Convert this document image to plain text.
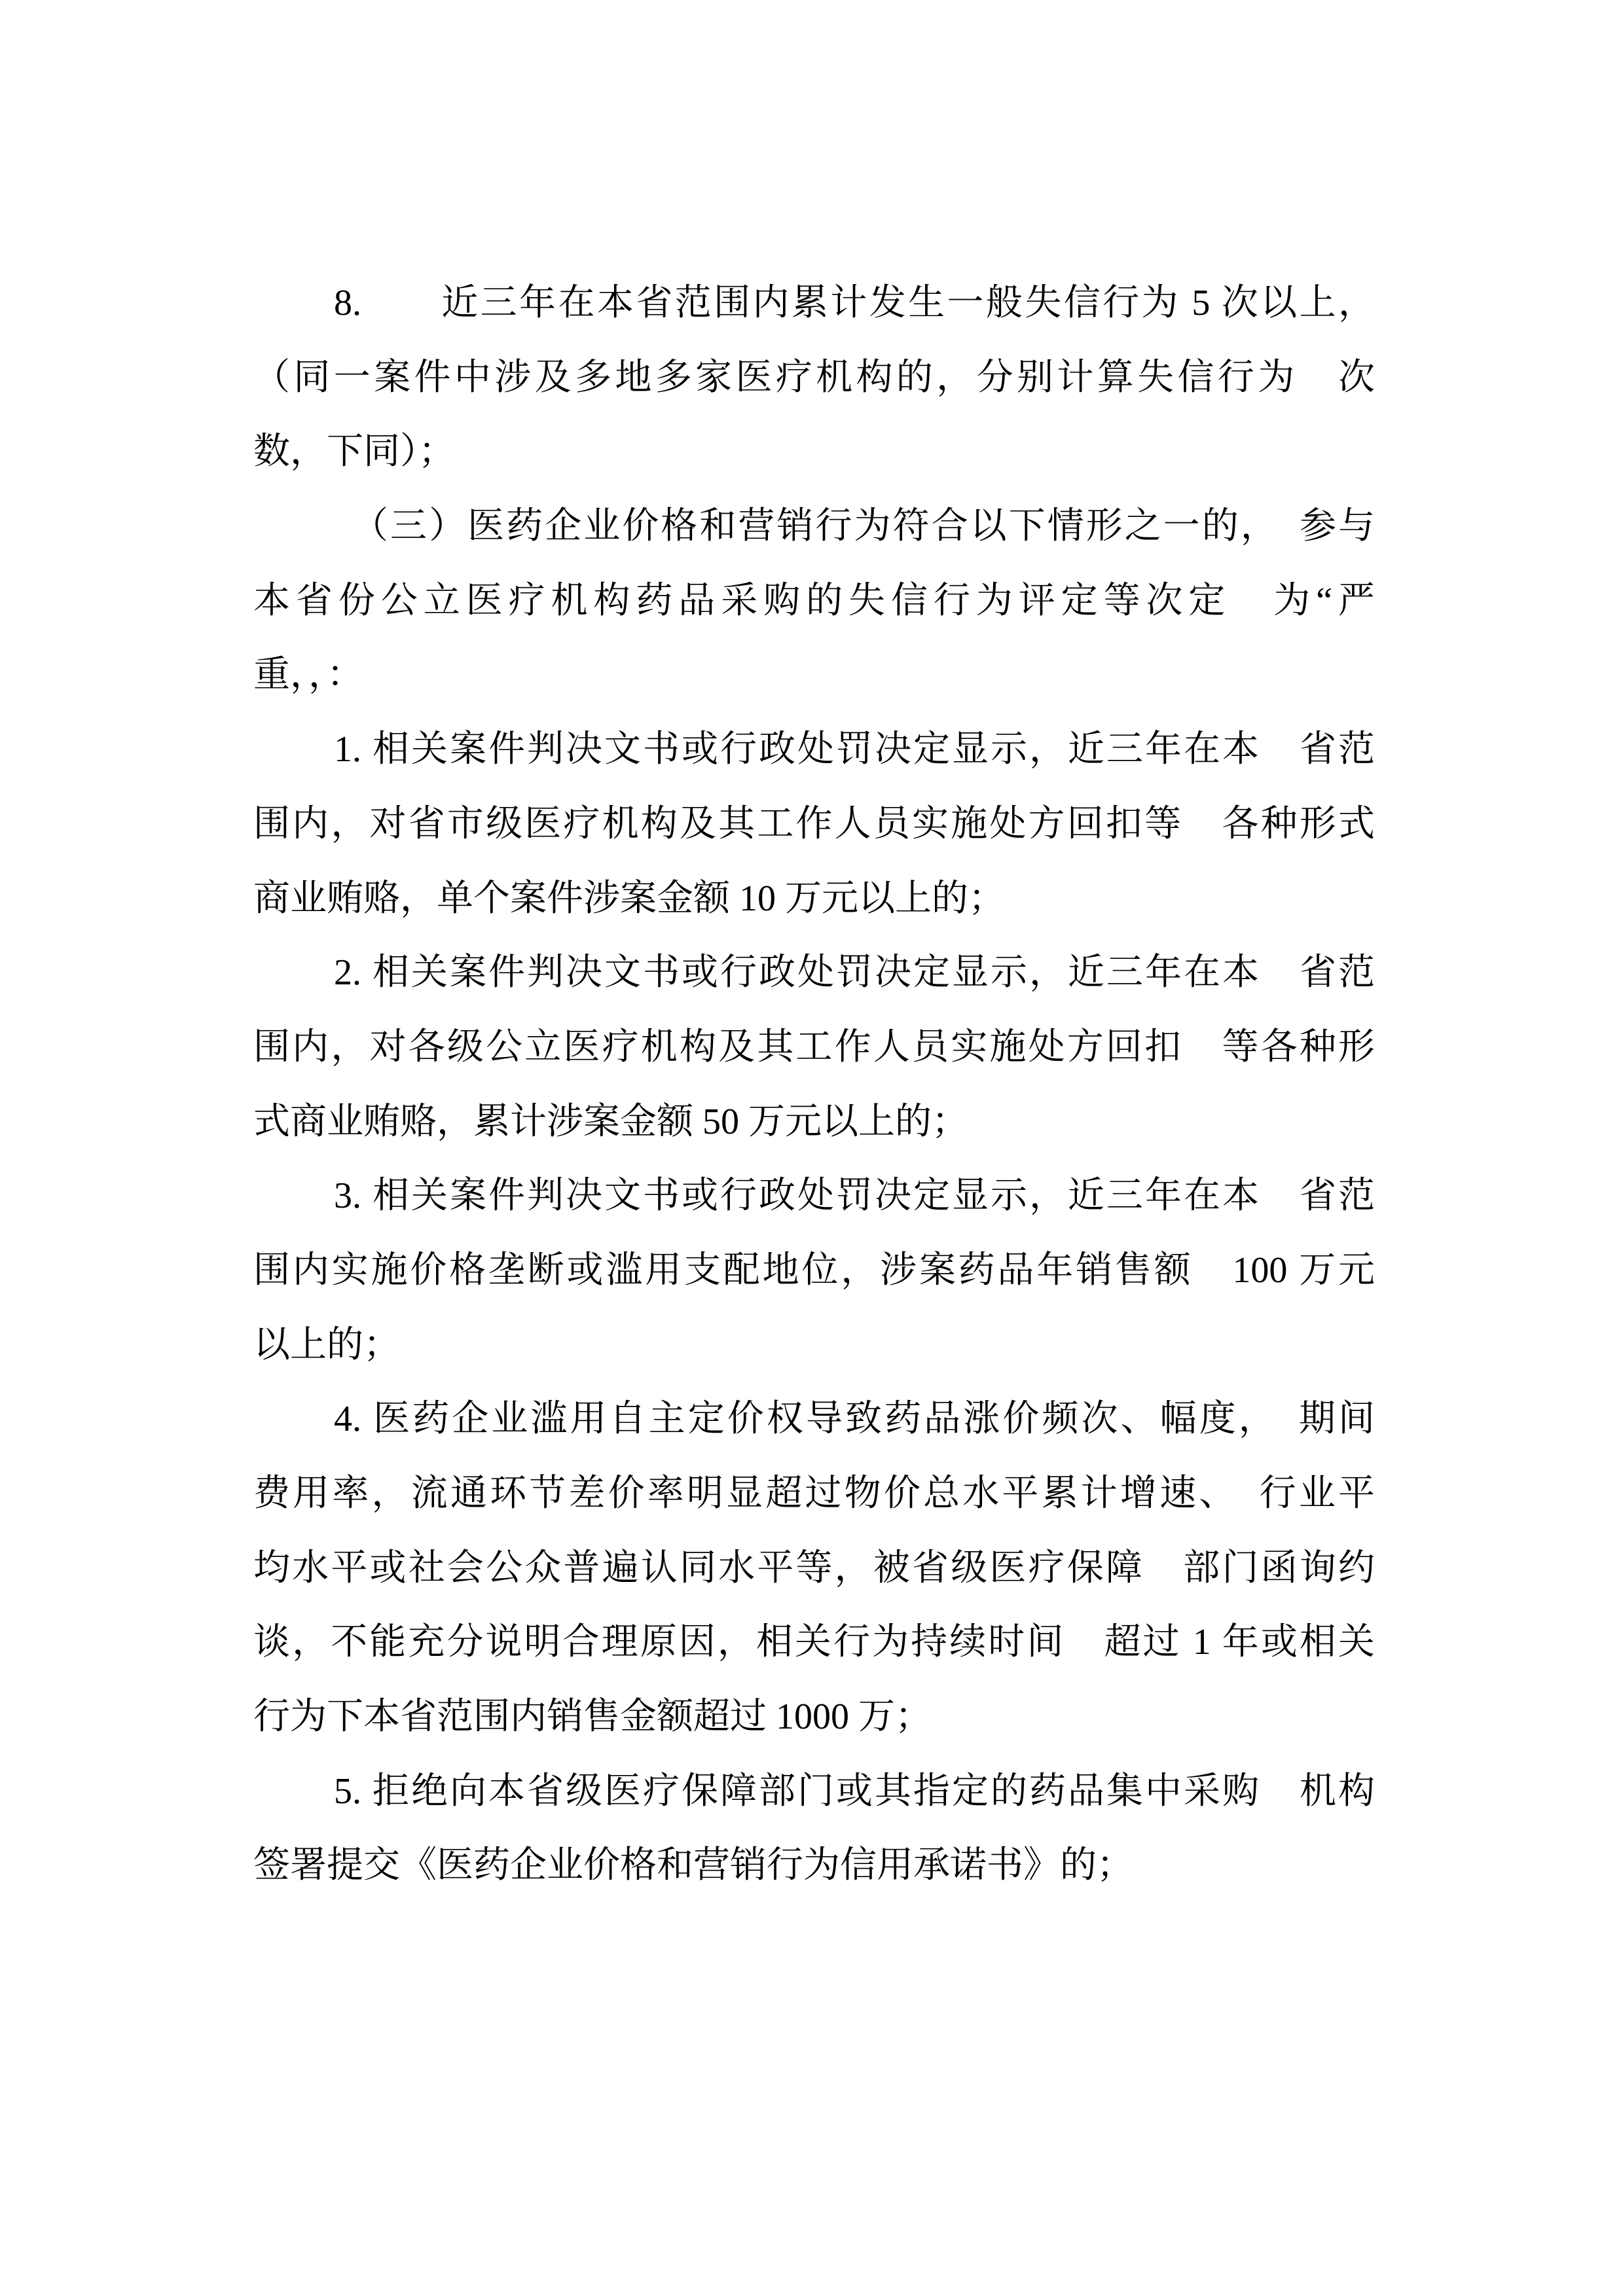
8.　　近三年在本省范围内累计发生一般失信行为 5 次以上，
（同一案件中涉及多地多家医疗机构的，分别计算失信行为　次
数，下同）；
（三）医药企业价格和营销行为符合以下情形之一的，　参与
本省份公立医疗机构药品采购的失信行为评定等次定　为“严
重，，：
1. 相关案件判决文书或行政处罚决定显示，近三年在本　省范
围内，对省市级医疗机构及其工作人员实施处方回扣等　各种形式
商业贿赂，单个案件涉案金额 10 万元以上的；
2. 相关案件判决文书或行政处罚决定显示，近三年在本　省范
围内，对各级公立医疗机构及其工作人员实施处方回扣　等各种形
式商业贿赂，累计涉案金额 50 万元以上的；
3. 相关案件判决文书或行政处罚决定显示，近三年在本　省范
围内实施价格垄断或滥用支配地位，涉案药品年销售额　100 万元
以上的；
4. 医药企业滥用自主定价权导致药品涨价频次、幅度，　期间
费用率，流通环节差价率明显超过物价总水平累计增速、　行业平
均水平或社会公众普遍认同水平等，被省级医疗保障　部门函询约
谈，不能充分说明合理原因，相关行为持续时间　超过 1 年或相关
行为下本省范围内销售金额超过 1000 万；
5. 拒绝向本省级医疗保障部门或其指定的药品集中采购　机构
签署提交《医药企业价格和营销行为信用承诺书》的；
